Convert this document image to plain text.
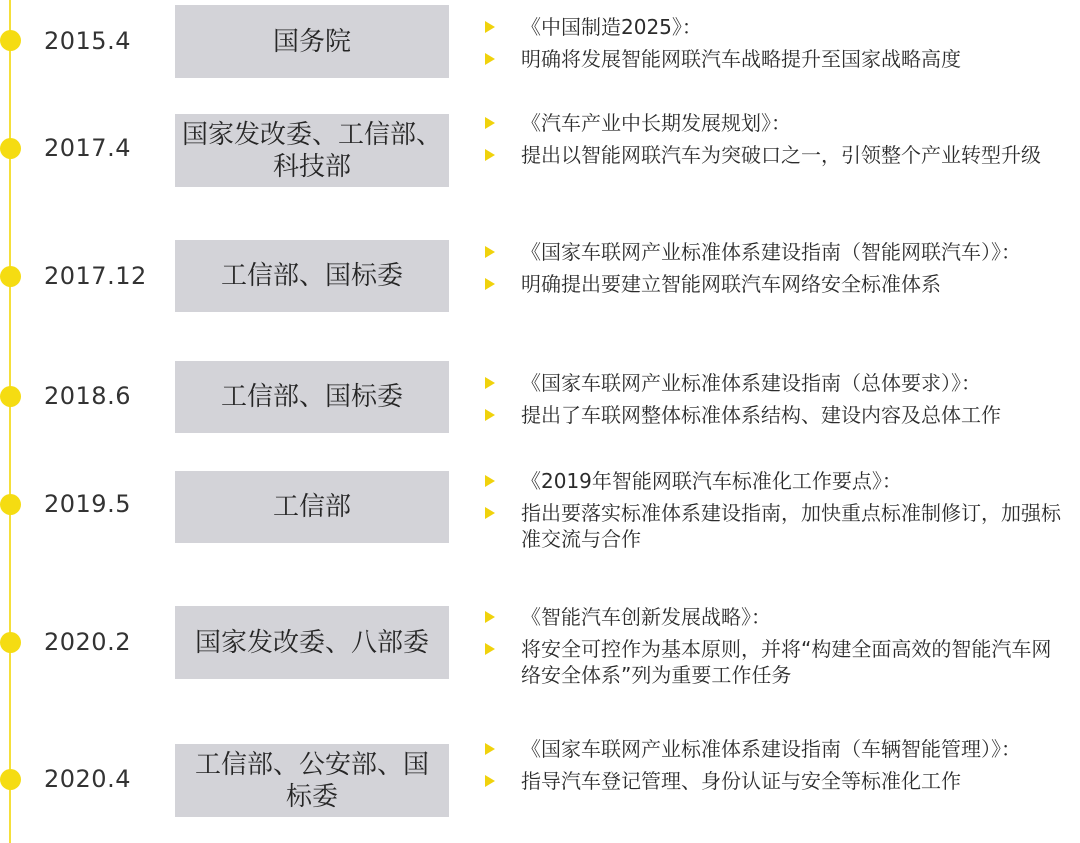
2015.4	国务院	《中国制造2025》：
明确将发展智能网联汽车战略提升至国家战略高度
2017.4 国家发改委、工信部、科技部
《汽车产业中长期发展规划》：
提出以智能网联汽车为突破口之一，引领整个产业转型升级
2017.12	工信部、国标委
《国家车联网产业标准体系建设指南（智能网联汽车）》：
明确提出要建立智能网联汽车网络安全标准体系
2018.6	工信部、国标委	《国家车联网产业标准体系建设指南（总体要求）》：
提出了车联网整体标准体系结构、建设内容及总体工作
2019.5	工信部
《2019年智能网联汽车标准化工作要点》：
指出要落实标准体系建设指南，加快重点标准制修订，加强标准交流与合作
2020.2 国家发改委、八部委
《智能汽车创新发展战略》：
将安全可控作为基本原则，并将“构建全面高效的智能汽车网络安全体系”列为重要工作任务
2020.4 工信部、公安部、国标委
《国家车联网产业标准体系建设指南（车辆智能管理）》：
指导汽车登记管理、身份认证与安全等标准化工作
